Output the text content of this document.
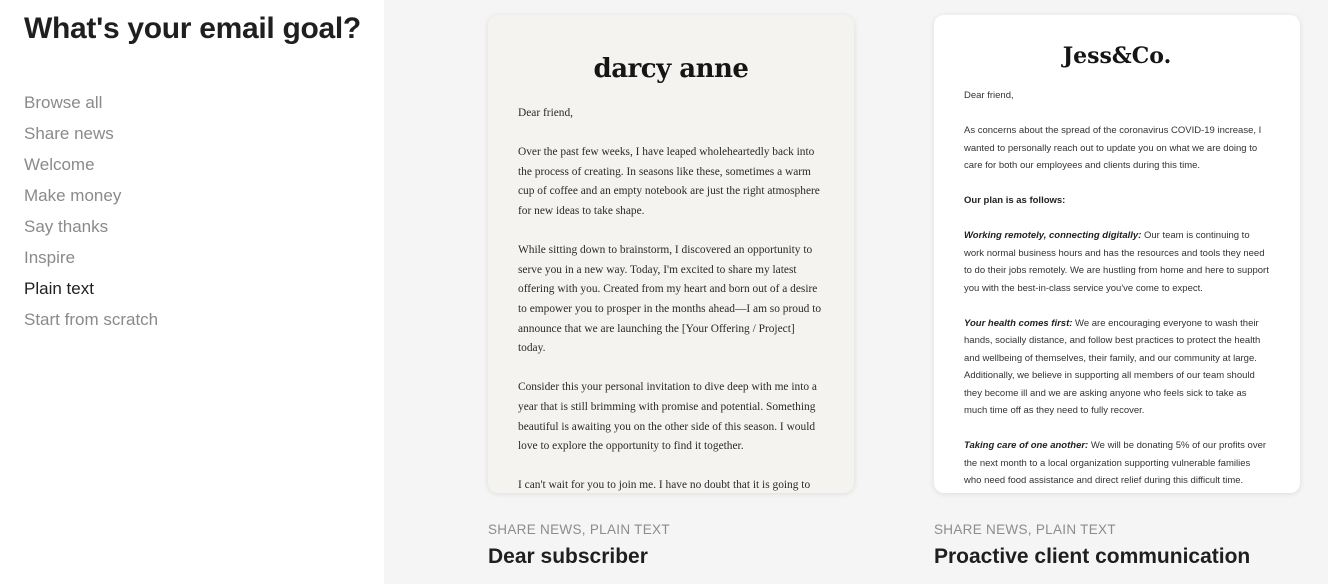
What's your email goal?
Browse all
Share news
Welcome
Make money
Say thanks
Inspire
Plain text
Start from scratch
darcy anne

Dear friend,

Over the past few weeks, I have leaped wholeheartedly back into the process of creating. In seasons like these, sometimes a warm cup of coffee and an empty notebook are just the right atmosphere for new ideas to take shape.

While sitting down to brainstorm, I discovered an opportunity to serve you in a new way. Today, I'm excited to share my latest offering with you. Created from my heart and born out of a desire to empower you to prosper in the months ahead—I am so proud to announce that we are launching the [Your Offering / Project] today.

Consider this your personal invitation to dive deep with me into a year that is still brimming with promise and potential. Something beautiful is awaiting you on the other side of this season. I would love to explore the opportunity to find it together.

I can't wait for you to join me. I have no doubt that it is going to

Jess&Co.

Dear friend,

As concerns about the spread of the coronavirus COVID-19 increase, I wanted to personally reach out to update you on what we are doing to care for both our employees and clients during this time.

Our plan is as follows:

Working remotely, connecting digitally: Our team is continuing to work normal business hours and has the resources and tools they need to do their jobs remotely. We are hustling from home and here to support you with the best-in-class service you've come to expect.

Your health comes first: We are encouraging everyone to wash their hands, socially distance, and follow best practices to protect the health and wellbeing of themselves, their family, and our community at large. Additionally, we believe in supporting all members of our team should they become ill and we are asking anyone who feels sick to take as much time off as they need to fully recover.

Taking care of one another: We will be donating 5% of our profits over the next month to a local organization supporting vulnerable families who need food assistance and direct relief during this difficult time.

SHARE NEWS, PLAIN TEXT
Dear subscriber
SHARE NEWS, PLAIN TEXT
Proactive client communication
